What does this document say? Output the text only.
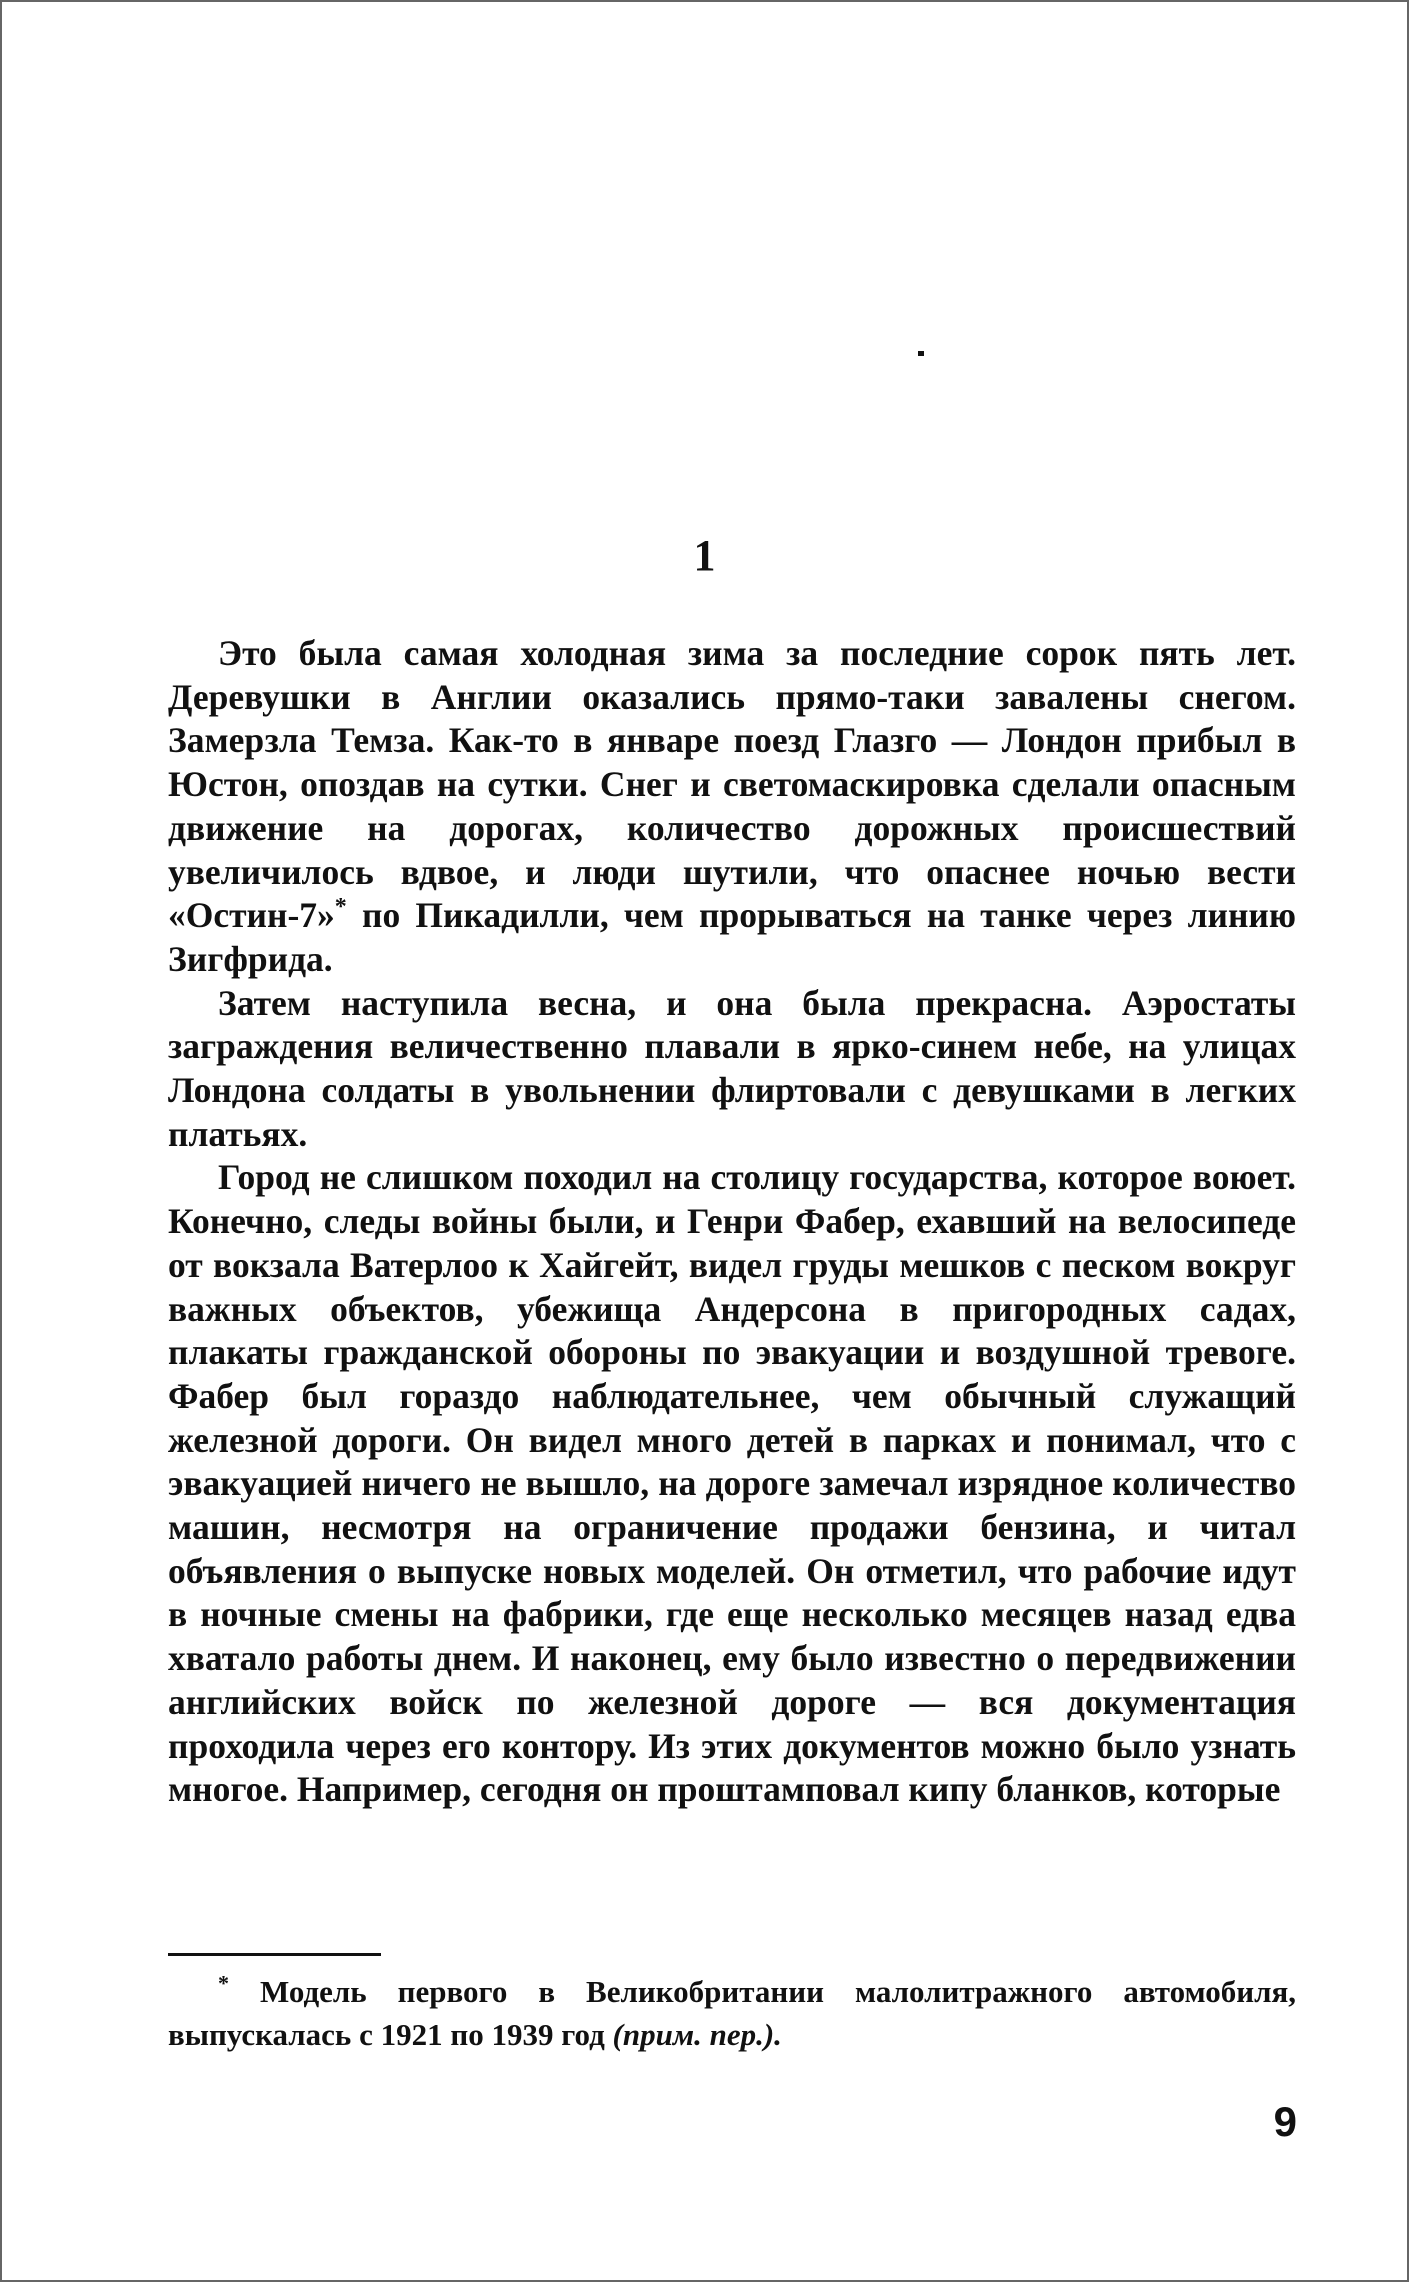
1

Это была самая холодная зима за последние сорок пять лет. Деревушки в Англии оказались прямо-таки завалены снегом. Замерзла Темза. Как-то в январе поезд Глазго — Лондон прибыл в Юстон, опоздав на сутки. Снег и светомаскировка сделали опасным движение на дорогах, количество дорожных происшествий увеличилось вдвое, и люди шутили, что опаснее ночью вести «Остин-7»* по Пикадилли, чем прорываться на танке через линию Зигфрида.

Затем наступила весна, и она была прекрасна. Аэростаты заграждения величественно плавали в ярко-синем небе, на улицах Лондона солдаты в увольнении флиртовали с девушками в легких платьях.

Город не слишком походил на столицу государства, которое воюет. Конечно, следы войны были, и Генри Фабер, ехавший на велосипеде от вокзала Ватерлоо к Хайгейт, видел груды мешков с песком вокруг важных объектов, убежища Андерсона в пригородных садах, плакаты гражданской обороны по эвакуации и воздушной тревоге. Фабер был гораздо наблюдательнее, чем обычный служащий железной дороги. Он видел много детей в парках и понимал, что с эвакуацией ничего не вышло, на дороге замечал изрядное количество машин, несмотря на ограничение продажи бензина, и читал объявления о выпуске новых моделей. Он отметил, что рабочие идут в ночные смены на фабрики, где еще несколько месяцев назад едва хватало работы днем. И наконец, ему было известно о передвижении английских войск по железной дороге — вся документация проходила через его контору. Из этих документов можно было узнать многое. Например, сегодня он проштамповал кипу бланков, которые

* Модель первого в Великобритании малолитражного автомобиля, выпускалась с 1921 по 1939 год (прим. пер.).
9
